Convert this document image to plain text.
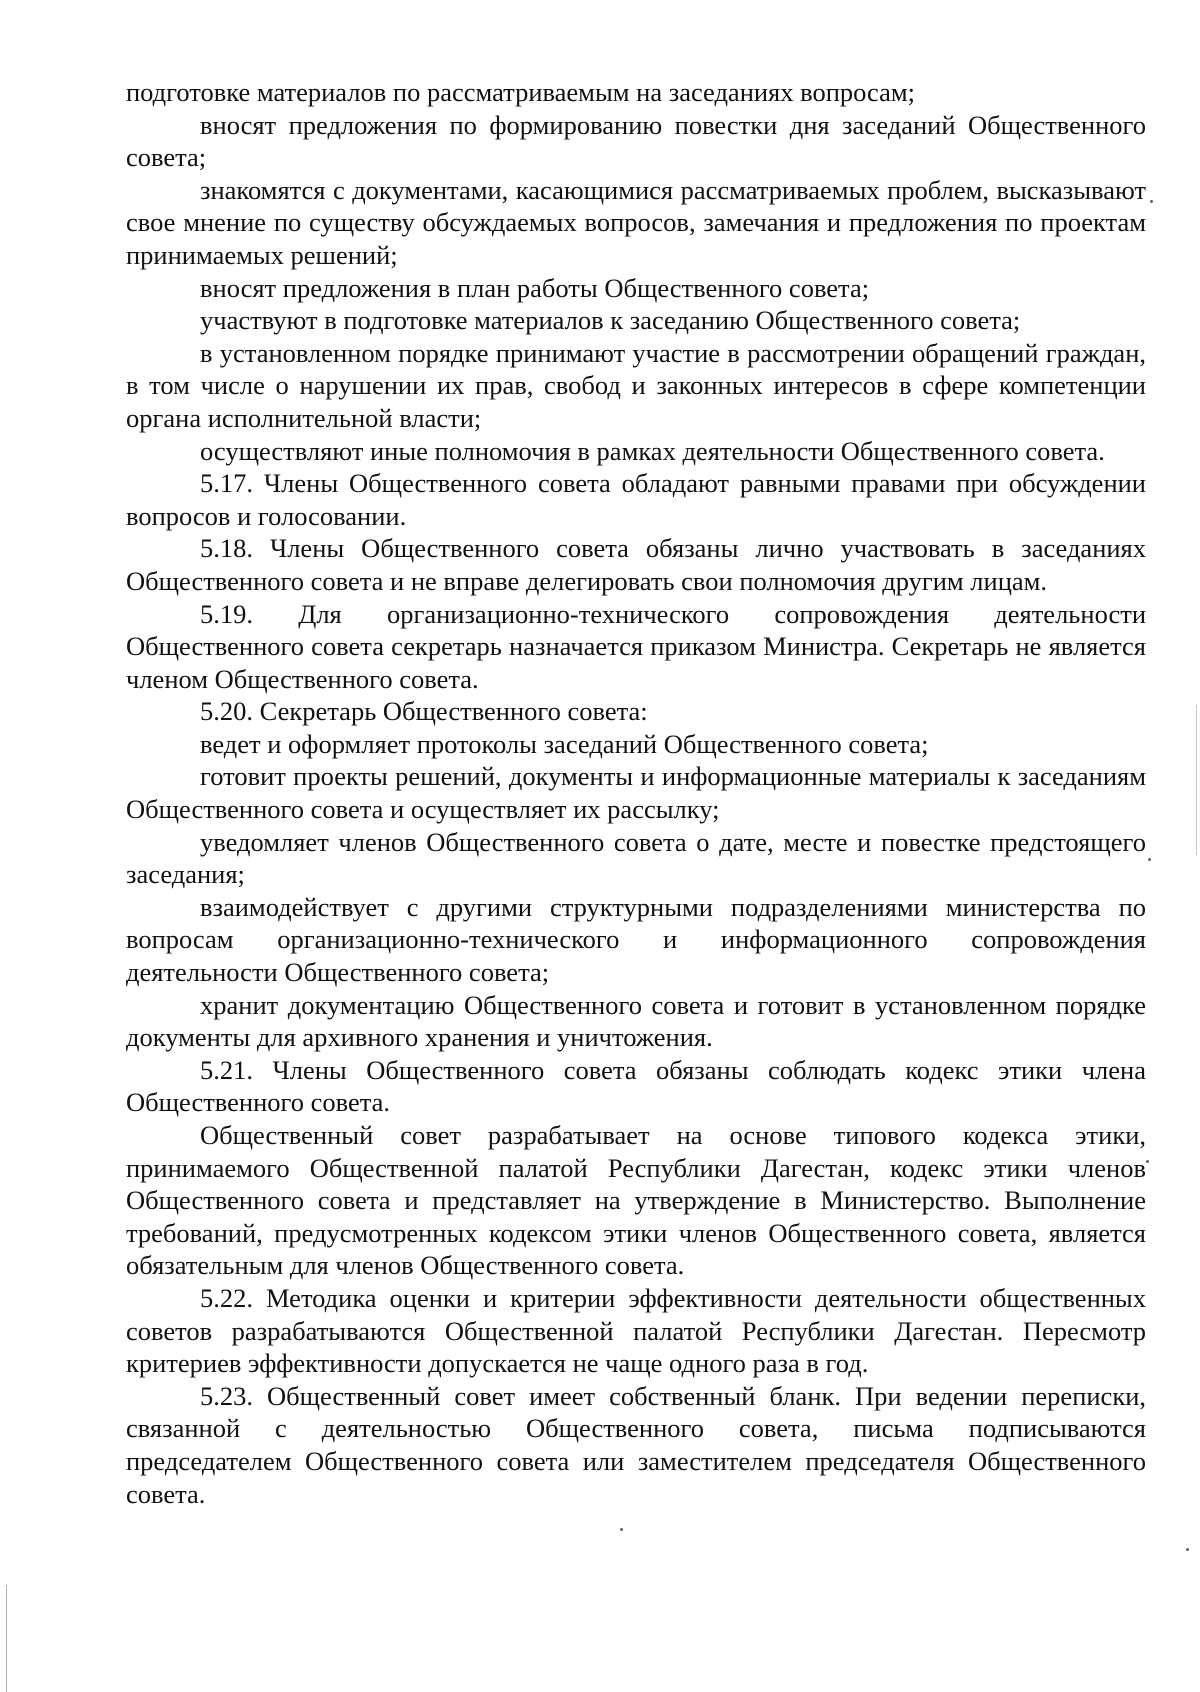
подготовке материалов по рассматриваемым на заседаниях вопросам;

вносят предложения по формированию повестки дня заседаний Общественного совета;

знакомятся с документами, касающимися рассматриваемых проблем, высказывают свое мнение по существу обсуждаемых вопросов, замечания и предложения по проектам принимаемых решений;

вносят предложения в план работы Общественного совета;

участвуют в подготовке материалов к заседанию Общественного совета;

в установленном порядке принимают участие в рассмотрении обращений граждан, в том числе о нарушении их прав, свобод и законных интересов в сфере компетенции органа исполнительной власти;

осуществляют иные полномочия в рамках деятельности Общественного совета.

5.17. Члены Общественного совета обладают равными правами при обсуждении вопросов и голосовании.

5.18. Члены Общественного совета обязаны лично участвовать в заседаниях Общественного совета и не вправе делегировать свои полномочия другим лицам.

5.19. Для организационно-технического сопровождения деятельности Общественного совета секретарь назначается приказом Министра. Секретарь не является членом Общественного совета.

5.20. Секретарь Общественного совета:

ведет и оформляет протоколы заседаний Общественного совета;

готовит проекты решений, документы и информационные материалы к заседаниям Общественного совета и осуществляет их рассылку;

уведомляет членов Общественного совета о дате, месте и повестке предстоящего заседания;

взаимодействует с другими структурными подразделениями министерства по вопросам организационно-технического и информационного сопровождения деятельности Общественного совета;

хранит документацию Общественного совета и готовит в установленном порядке документы для архивного хранения и уничтожения.

5.21. Члены Общественного совета обязаны соблюдать кодекс этики члена Общественного совета.

Общественный совет разрабатывает на основе типового кодекса этики, принимаемого Общественной палатой Республики Дагестан, кодекс этики членов Общественного совета и представляет на утверждение в Министерство. Выполнение требований, предусмотренных кодексом этики членов Общественного совета, является обязательным для членов Общественного совета.

5.22. Методика оценки и критерии эффективности деятельности общественных советов разрабатываются Общественной палатой Республики Дагестан. Пересмотр критериев эффективности допускается не чаще одного раза в год.

5.23. Общественный совет имеет собственный бланк. При ведении переписки, связанной с деятельностью Общественного совета, письма подписываются председателем Общественного совета или заместителем председателя Общественного совета.
